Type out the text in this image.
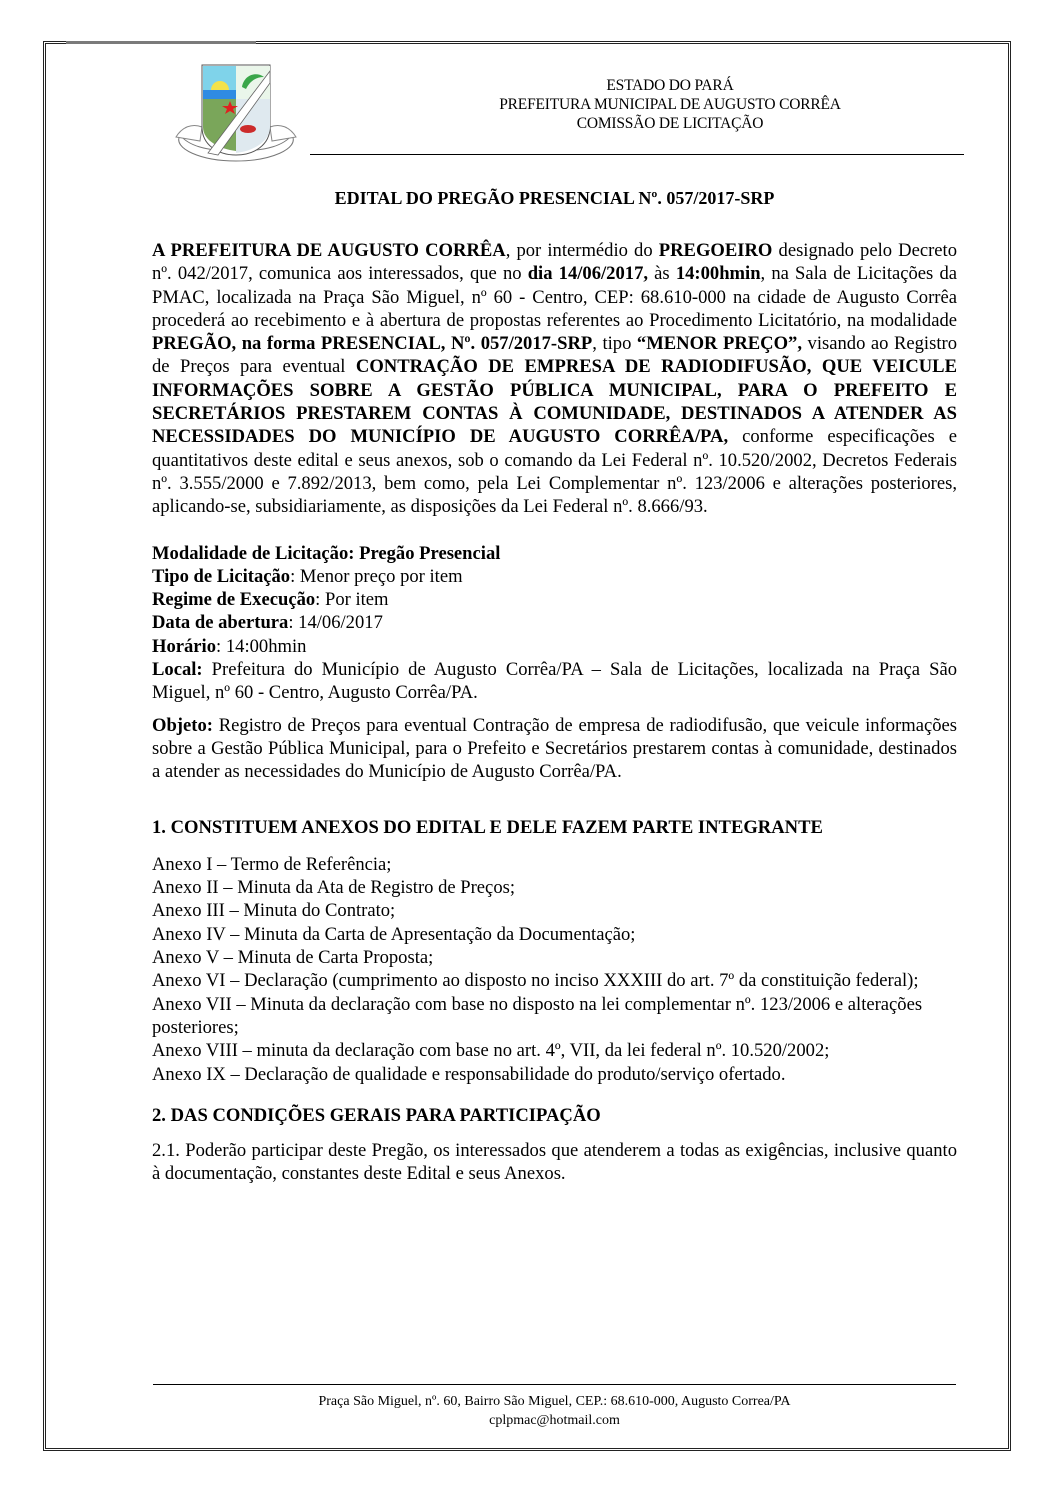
ESTADO DO PARÁ
PREFEITURA MUNICIPAL DE AUGUSTO CORRÊA
COMISSÃO DE LICITAÇÃO
EDITAL DO PREGÃO PRESENCIAL Nº. 057/2017-SRP

A PREFEITURA DE AUGUSTO CORRÊA, por intermédio do PREGOEIRO designado pelo Decreto nº. 042/2017, comunica aos interessados, que no dia 14/06/2017, às 14:00hmin, na Sala de Licitações da PMAC, localizada na Praça São Miguel, nº 60 - Centro, CEP: 68.610-000 na cidade de Augusto Corrêa procederá ao recebimento e à abertura de propostas referentes ao Procedimento Licitatório, na modalidade PREGÃO, na forma PRESENCIAL, Nº. 057/2017-SRP, tipo “MENOR PREÇO”, visando ao Registro de Preços para eventual CONTRAÇÃO DE EMPRESA DE RADIODIFUSÃO, QUE VEICULE INFORMAÇÕES SOBRE A GESTÃO PÚBLICA MUNICIPAL, PARA O PREFEITO E SECRETÁRIOS PRESTAREM CONTAS À COMUNIDADE, DESTINADOS A ATENDER AS NECESSIDADES DO MUNICÍPIO DE AUGUSTO CORRÊA/PA, conforme especificações e quantitativos deste edital e seus anexos, sob o comando da Lei Federal nº. 10.520/2002, Decretos Federais nº. 3.555/2000 e 7.892/2013, bem como, pela Lei Complementar nº. 123/2006 e alterações posteriores, aplicando-se, subsidiariamente, as disposições da Lei Federal nº. 8.666/93.

Modalidade de Licitação: Pregão Presencial
Tipo de Licitação: Menor preço por item
Regime de Execução: Por item
Data de abertura: 14/06/2017
Horário: 14:00hmin

Local: Prefeitura do Município de Augusto Corrêa/PA – Sala de Licitações, localizada na Praça São Miguel, nº 60 - Centro, Augusto Corrêa/PA.

Objeto: Registro de Preços para eventual Contração de empresa de radiodifusão, que veicule informações sobre a Gestão Pública Municipal, para o Prefeito e Secretários prestarem contas à comunidade, destinados a atender as necessidades do Município de Augusto Corrêa/PA.

1. CONSTITUEM ANEXOS DO EDITAL E DELE FAZEM PARTE INTEGRANTE
Anexo I – Termo de Referência;
Anexo II – Minuta da Ata de Registro de Preços;
Anexo III – Minuta do Contrato;
Anexo IV – Minuta da Carta de Apresentação da Documentação;
Anexo V – Minuta de Carta Proposta;
Anexo VI – Declaração (cumprimento ao disposto no inciso XXXIII do art. 7º da constituição federal);
Anexo VII – Minuta da declaração com base no disposto na lei complementar nº. 123/2006 e alterações posteriores;
Anexo VIII – minuta da declaração com base no art. 4º, VII, da lei federal nº. 10.520/2002;
Anexo IX – Declaração de qualidade e responsabilidade do produto/serviço ofertado.
2. DAS CONDIÇÕES GERAIS PARA PARTICIPAÇÃO

2.1. Poderão participar deste Pregão, os interessados que atenderem a todas as exigências, inclusive quanto à documentação, constantes deste Edital e seus Anexos.

Praça São Miguel, nº. 60, Bairro São Miguel, CEP.: 68.610-000, Augusto Correa/PA
cplpmac@hotmail.com
